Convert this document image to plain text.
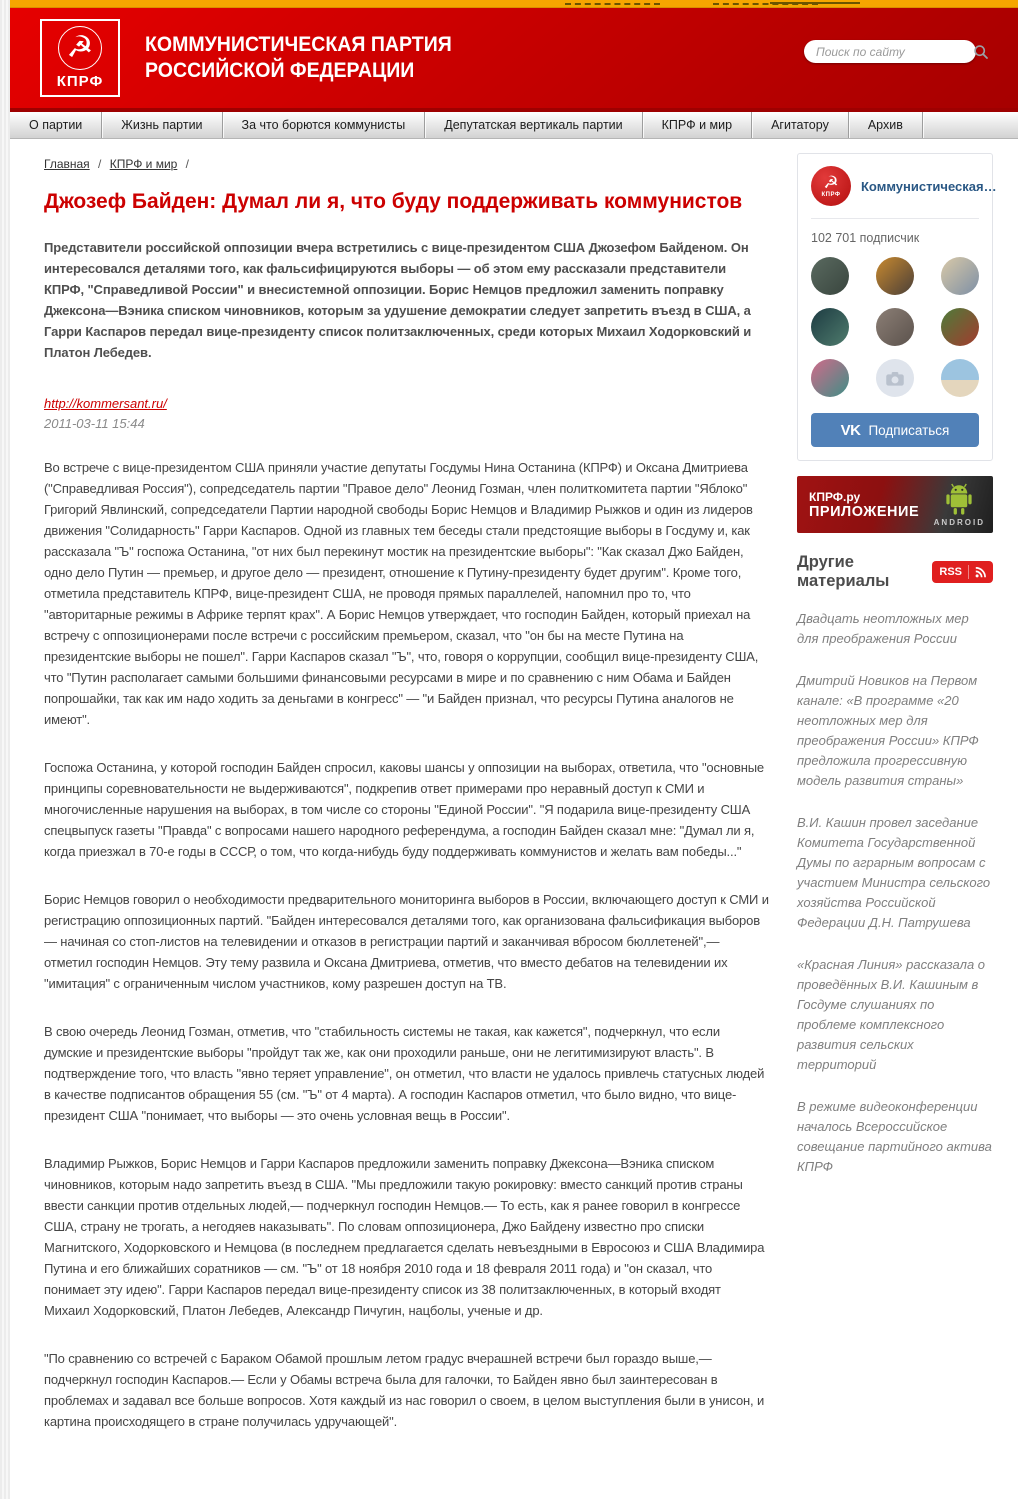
☭
КПРФ
КОММУНИСТИЧЕСКАЯ ПАРТИЯ
РОССИЙСКОЙ ФЕДЕРАЦИИ
Поиск по сайту
О партии	Жизнь партии	За что борются коммунисты	Депутатская вертикаль партии	КПРФ и мир	Агитатору	Архив
Главная / КПРФ и мир /
Джозеф Байден: Думал ли я, что буду поддерживать коммунистов

Представители российской оппозиции вчера встретились с вице-президентом США Джозефом Байденом. Он интересовался деталями того, как фальсифицируются выборы — об этом ему рассказали представители КПРФ, "Справедливой России" и внесистемной оппозиции. Борис Немцов предложил заменить поправку Джексона—Вэника списком чиновников, которым за удушение демократии следует запретить въезд в США, а Гарри Каспаров передал вице-президенту список политзаключенных, среди которых Михаил Ходорковский и Платон Лебедев.

http://kommersant.ru/
2011-03-11 15:44

Во встрече с вице-президентом США приняли участие депутаты Госдумы Нина Останина (КПРФ) и Оксана Дмитриева ("Справедливая Россия"), сопредседатель партии "Правое дело" Леонид Гозман, член политкомитета партии "Яблоко" Григорий Явлинский, сопредседатели Партии народной свободы Борис Немцов и Владимир Рыжков и один из лидеров движения "Солидарность" Гарри Каспаров. Одной из главных тем беседы стали предстоящие выборы в Госдуму и, как рассказала "Ъ" госпожа Останина, "от них был перекинут мостик на президентские выборы": "Как сказал Джо Байден, одно дело Путин — премьер, и другое дело — президент, отношение к Путину-президенту будет другим". Кроме того, отметила представитель КПРФ, вице-президент США, не проводя прямых параллелей, напомнил про то, что "авторитарные режимы в Африке терпят крах". А Борис Немцов утверждает, что господин Байден, который приехал на встречу с оппозиционерами после встречи с российским премьером, сказал, что "он бы на месте Путина на президентские выборы не пошел". Гарри Каспаров сказал "Ъ", что, говоря о коррупции, сообщил вице-президенту США, что "Путин располагает самыми большими финансовыми ресурсами в мире и по сравнению с ним Обама и Байден попрошайки, так как им надо ходить за деньгами в конгресс" — "и Байден признал, что ресурсы Путина аналогов не имеют".

Госпожа Останина, у которой господин Байден спросил, каковы шансы у оппозиции на выборах, ответила, что "основные принципы соревновательности не выдерживаются", подкрепив ответ примерами про неравный доступ к СМИ и многочисленные нарушения на выборах, в том числе со стороны "Единой России". "Я подарила вице-президенту США спецвыпуск газеты "Правда" с вопросами нашего народного референдума, а господин Байден сказал мне: "Думал ли я, когда приезжал в 70-е годы в СССР, о том, что когда-нибудь буду поддерживать коммунистов и желать вам победы..."

Борис Немцов говорил о необходимости предварительного мониторинга выборов в России, включающего доступ к СМИ и регистрацию оппозиционных партий. "Байден интересовался деталями того, как организована фальсификация выборов — начиная со стоп-листов на телевидении и отказов в регистрации партий и заканчивая вбросом бюллетеней",— отметил господин Немцов. Эту тему развила и Оксана Дмитриева, отметив, что вместо дебатов на телевидении их "имитация" с ограниченным числом участников, кому разрешен доступ на ТВ.

В свою очередь Леонид Гозман, отметив, что "стабильность системы не такая, как кажется", подчеркнул, что если думские и президентские выборы "пройдут так же, как они проходили раньше, они не легитимизируют власть". В подтверждение того, что власть "явно теряет управление", он отметил, что власти не удалось привлечь статусных людей в качестве подписантов обращения 55 (см. "Ъ" от 4 марта). А господин Каспаров отметил, что было видно, что вице-президент США "понимает, что выборы — это очень условная вещь в России".

Владимир Рыжков, Борис Немцов и Гарри Каспаров предложили заменить поправку Джексона—Вэника списком чиновников, которым надо запретить въезд в США. "Мы предложили такую рокировку: вместо санкций против страны ввести санкции против отдельных людей,— подчеркнул господин Немцов.— То есть, как я ранее говорил в конгрессе США, страну не трогать, а негодяев наказывать". По словам оппозиционера, Джо Байдену известно про списки Магнитского, Ходорковского и Немцова (в последнем предлагается сделать невъездными в Евросоюз и США Владимира Путина и его ближайших соратников — см. "Ъ" от 18 ноября 2010 года и 18 февраля 2011 года) и "он сказал, что понимает эту идею". Гарри Каспаров передал вице-президенту список из 38 политзаключенных, в который входят Михаил Ходорковский, Платон Лебедев, Александр Пичугин, нацболы, ученые и др.

"По сравнению со встречей с Бараком Обамой прошлым летом градус вчерашней встречи был гораздо выше,— подчеркнул господин Каспаров.— Если у Обамы встреча была для галочки, то Байден явно был заинтересован в проблемах и задавал все больше вопросов. Хотя каждый из нас говорил о своем, в целом выступления были в унисон, и картина происходящего в стране получилась удручающей".

☭
КПРФ
Коммунистическая…
102 701 подписчик
VK Подписаться
КПРФ.ру
ПРИЛОЖЕНИЕ
ANDROID
Другие материалы	RSS
Двадцать неотложных мер для преображения России
Дмитрий Новиков на Первом канале: «В программе «20 неотложных мер для преображения России» КПРФ предложила прогрессивную модель развития страны»
В.И. Кашин провел заседание Комитета Государственной Думы по аграрным вопросам с участием Министра сельского хозяйства Российской Федерации Д.Н. Патрушева
«Красная Линия» рассказала о проведённых В.И. Кашиным в Госдуме слушаниях по проблеме комплексного развития сельских территорий
В режиме видеоконференции началось Всероссийское совещание партийного актива КПРФ
